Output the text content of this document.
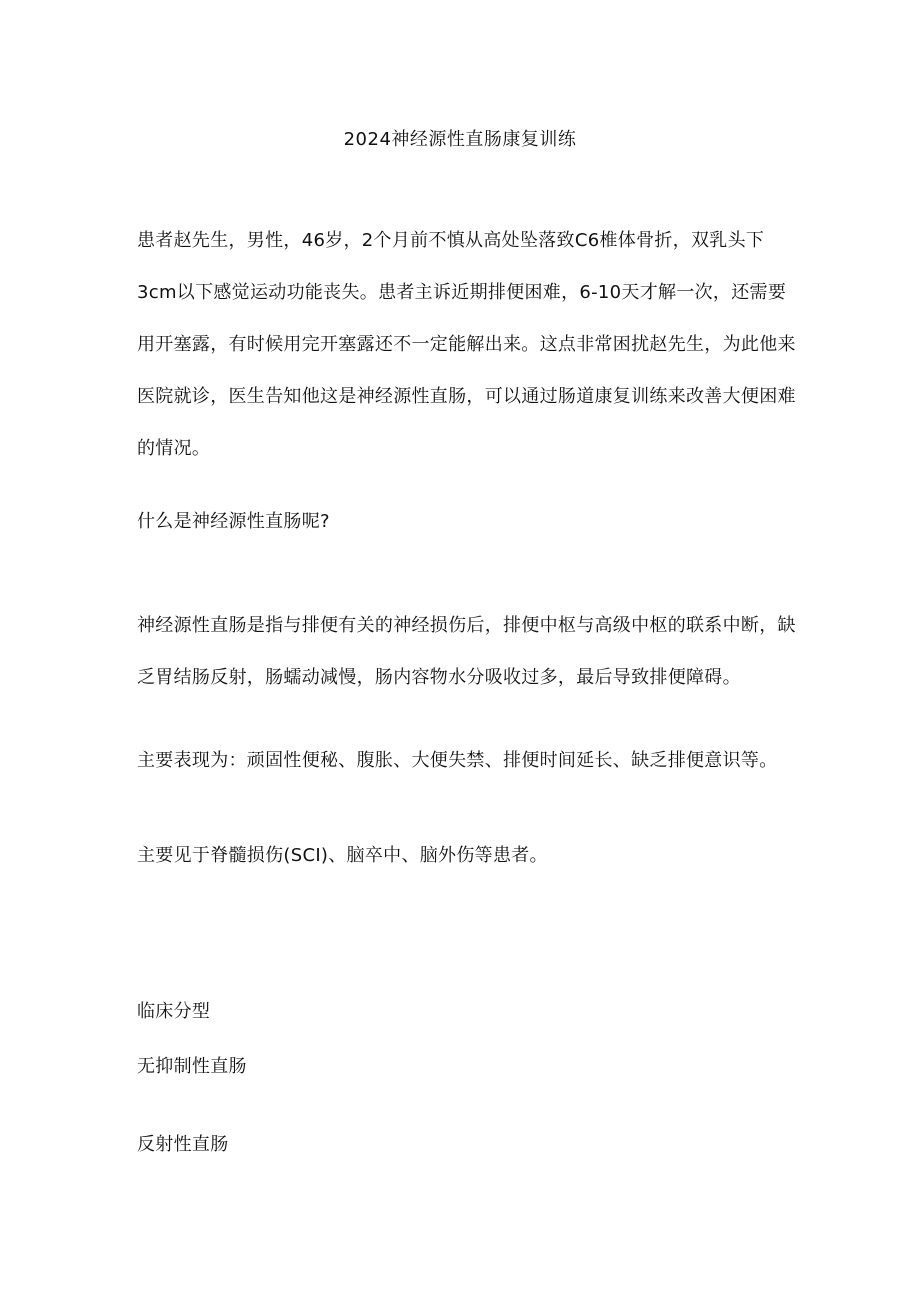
2024神经源性直肠康复训练
患者赵先生，男性，46岁，2个月前不慎从高处坠落致C6椎体骨折，双乳头下3cm以下感觉运动功能丧失。患者主诉近期排便困难，6-10天才解一次，还需要用开塞露，有时候用完开塞露还不一定能解出来。这点非常困扰赵先生，为此他来医院就诊，医生告知他这是神经源性直肠，可以通过肠道康复训练来改善大便困难的情况。
什么是神经源性直肠呢?
神经源性直肠是指与排便有关的神经损伤后，排便中枢与高级中枢的联系中断，缺乏胃结肠反射，肠蠕动减慢，肠内容物水分吸收过多，最后导致排便障碍。
主要表现为：顽固性便秘、腹胀、大便失禁、排便时间延长、缺乏排便意识等。
主要见于脊髓损伤(SCI)、脑卒中、脑外伤等患者。
临床分型
无抑制性直肠
反射性直肠
